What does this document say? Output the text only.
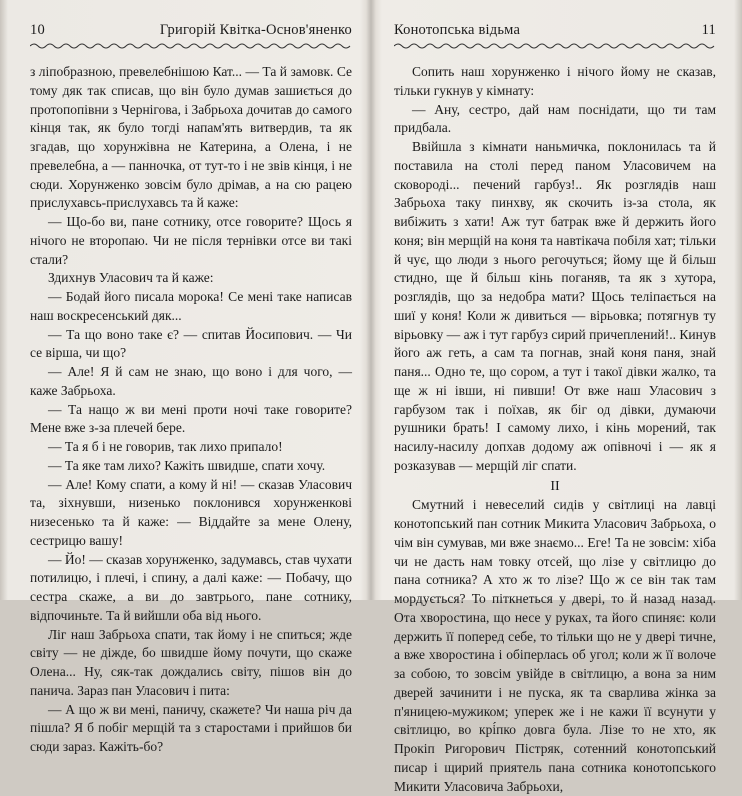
10	Григорій Квітка-Основ'яненко

з ліпобразною, превелебнішою Кат... — Та й замовк. Се тому дяк так списав, що він було думав зашиється до протопопівни з Чернігова, і Забрьоха дочитав до самого кінця так, як було тогді напам'ять витвердив, та як згадав, що хорунжівна не Катерина, а Олена, і не превелебна, а — панночка, от тут-то і не звів кінця, і не сюди. Хорунженко зовсім було дрімав, а на сю рацею прислухавсь-прислухавсь та й каже:

— Що-бо ви, пане сотнику, отсе говорите? Щось я нічого не второпаю. Чи не після тернівки отсе ви такі стали?

Здихнув Уласович та й каже:

— Бодай його писала морока! Се мені таке написав наш воскресенський дяк...

— Та що воно таке є? — спитав Йосипович. — Чи се вірша, чи що?

— Але! Я й сам не знаю, що воно і для чого, — каже Забрьоха.

— Та нащо ж ви мені проти ночі таке говорите? Мене вже з-за плечей бере.

— Та я б і не говорив, так лихо припало!

— Та яке там лихо? Кажіть швидше, спати хочу.

— Але! Кому спати, а кому й ні! — сказав Уласович та, зіхнувши, низенько поклонився хорунженкові низесенько та й каже: — Віддайте за мене Олену, сестрицю вашу!

— Йо! — сказав хорунженко, задумавсь, став чухати потилицю, і плечі, і спину, а далі каже: — Побачу, що сестра скаже, а ви до завтрього, пане сотнику, відпочиньте. Та й вийшли оба від нього.

Ліг наш Забрьоха спати, так йому і не спиться; жде світу — не діжде, бо швидше йому почути, що скаже Олена... Ну, сяк-так дождались світу, пішов він до панича. Зараз пан Уласович і пита:

— А що ж ви мені, паничу, скажете? Чи наша річ да пішла? Я б побіг мерщій та з старостами і прийшов би сюди зараз. Кажіть-бо?

Конотопська відьма	11

Сопить наш хорунженко і нічого йому не сказав, тільки гукнув у кімнату:

— Ану, сестро, дай нам поснідати, що ти там придбала.

Ввійшла з кімнати наньмичка, поклонилась та й поставила на столі перед паном Уласовичем на сковороді... печений гарбуз!.. Як розглядів наш Забрьоха таку пинхву, як скочить із-за стола, як вибіжить з хати! Аж тут батрак вже й держить його коня; він мерщій на коня та навтікача побіля хат; тільки й чує, що люди з нього регочуться; йому ще й більш стидно, ще й більш кінь поганяв, та як з хутора, розглядів, що за недобра мати? Щось теліпається на шиї у коня! Коли ж дивиться — вірьовка; потягнув ту вірьовку — аж і тут гарбуз сирий причеплений!.. Кинув його аж геть, а сам та погнав, знай коня паня, знай паня... Одно те, що сором, а тут і такої дівки жалко, та ще ж ні івши, ні пивши! От вже наш Уласович з гарбузом так і поїхав, як біг од дівки, думаючи рушники брать! І самому лихо, і кінь морений, так насилу-насилу допхав додому аж опівночі і — як я розказував — мерщій ліг спати.

II

Смутний і невеселий сидів у світлиці на лавці конотопський пан сотник Микита Уласович Забрьоха, о чім він сумував, ми вже знаємо... Еге! Та не зовсім: хіба чи не дасть нам товку отсей, що лізе у світлицю до пана сотника? А хто ж то лізе? Що ж се він так там мордується? То піткнеться у двері, то й назад назад. Ота хворостина, що несе у руках, та його спиняє: коли держить її поперед себе, то тільки що не у двері тичне, а вже хворостина і обіперлась об угол; коли ж її волоче за собою, то зовсім увійде в світлицю, а вона за ним дверей зачинити і не пуска, як та сварлива жінка за п'яницею-мужиком; уперек же і не кажи її всунути у світлицю, во крі́пко довга була. Лізе то не хто, як Прокіп Ригорович Пістряк, сотенний конотопський писар і щирий приятель пана сотника конотопського Микити Уласовича Забрьохи,
